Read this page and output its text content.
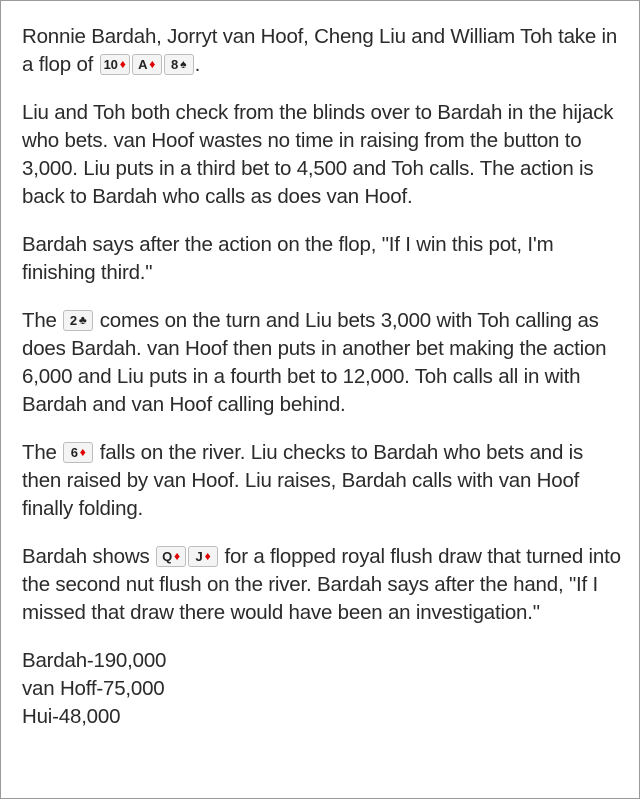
Ronnie Bardah, Jorryt van Hoof, Cheng Liu and William Toh take in a flop of 10 ♦ A ♦ 8 ♠ .

Liu and Toh both check from the blinds over to Bardah in the hijack who bets. van Hoof wastes no time in raising from the button to 3,000. Liu puts in a third bet to 4,500 and Toh calls. The action is back to Bardah who calls as does van Hoof.

Bardah says after the action on the flop, "If I win this pot, I'm finishing third."

The 2 ♣ comes on the turn and Liu bets 3,000 with Toh calling as does Bardah. van Hoof then puts in another bet making the action 6,000 and Liu puts in a fourth bet to 12,000. Toh calls all in with Bardah and van Hoof calling behind.

The 6 ♦ falls on the river. Liu checks to Bardah who bets and is then raised by van Hoof. Liu raises, Bardah calls with van Hoof finally folding.

Bardah shows Q ♦ J ♦ for a flopped royal flush draw that turned into the second nut flush on the river. Bardah says after the hand, "If I missed that draw there would have been an investigation."

Bardah-190,000

van Hoff-75,000

Hui-48,000
